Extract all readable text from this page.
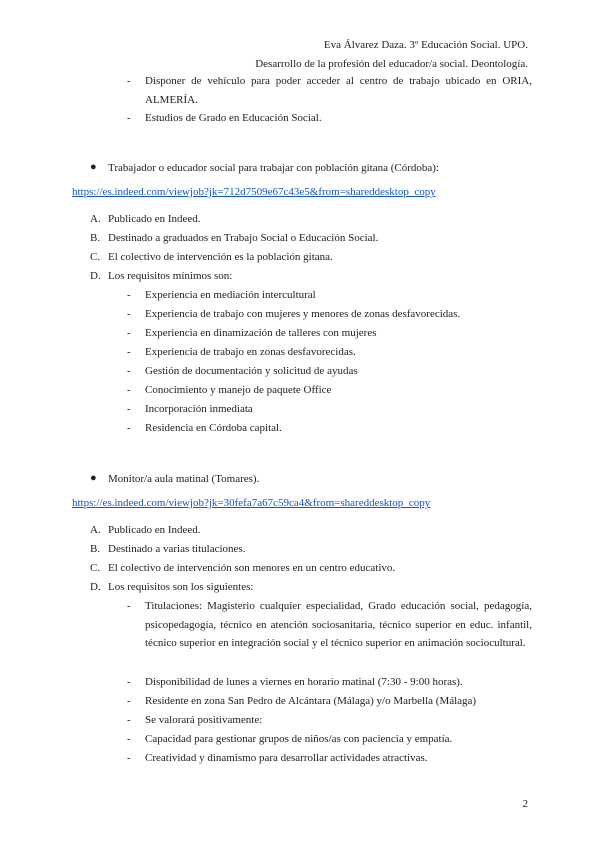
Eva Álvarez Daza. 3º Educación Social. UPO.
Desarrollo de la profesión del educador/a social. Deontología.
- Disponer de vehículo para poder acceder al centro de trabajo ubicado en ORIA, ALMERÍA.
- Estudios de Grado en Educación Social.
● Trabajador o educador social para trabajar con población gitana (Córdoba):
https://es.indeed.com/viewjob?jk=712d7509e67c43e5&from=shareddesktop_copy
A. Publicado en Indeed.
B. Destinado a graduados en Trabajo Social o Educación Social.
C. El colectivo de intervención es la población gitana.
D. Los requisitos mínimos son:
- Experiencia en mediación intercultural
- Experiencia de trabajo con mujeres y menores de zonas desfavorecidas.
- Experiencia en dinamización de talleres con mujeres
- Experiencia de trabajo en zonas desfavorecidas.
- Gestión de documentación y solicitud de ayudas
- Conocimiento y manejo de paquete Office
- Incorporación inmediata
- Residencia en Córdoba capital.
● Monitor/a aula matinal (Tomares).
https://es.indeed.com/viewjob?jk=30fefa7a67c59ca4&from=shareddesktop_copy
A. Publicado en Indeed.
B. Destinado a varias titulaciones.
C. El colectivo de intervención son menores en un centro educativo.
D. Los requisitos son los siguientes:
- Titulaciones: Magisterio cualquier especialidad, Grado educación social, pedagogía, psicopedagogía, técnico en atención sociosanitaria, técnico superior en educ. infantil, técnico superior en integración social y el técnico superior en animación sociocultural.
- Disponibilidad de lunes a viernes en horario matinal (7:30 - 9:00 horas).
- Residente en zona San Pedro de Alcántara (Málaga) y/o Marbella (Málaga)
- Se valorará positivamente:
- Capacidad para gestionar grupos de niños/as con paciencia y empatía.
- Creatividad y dinamismo para desarrollar actividades atractivas.
2
